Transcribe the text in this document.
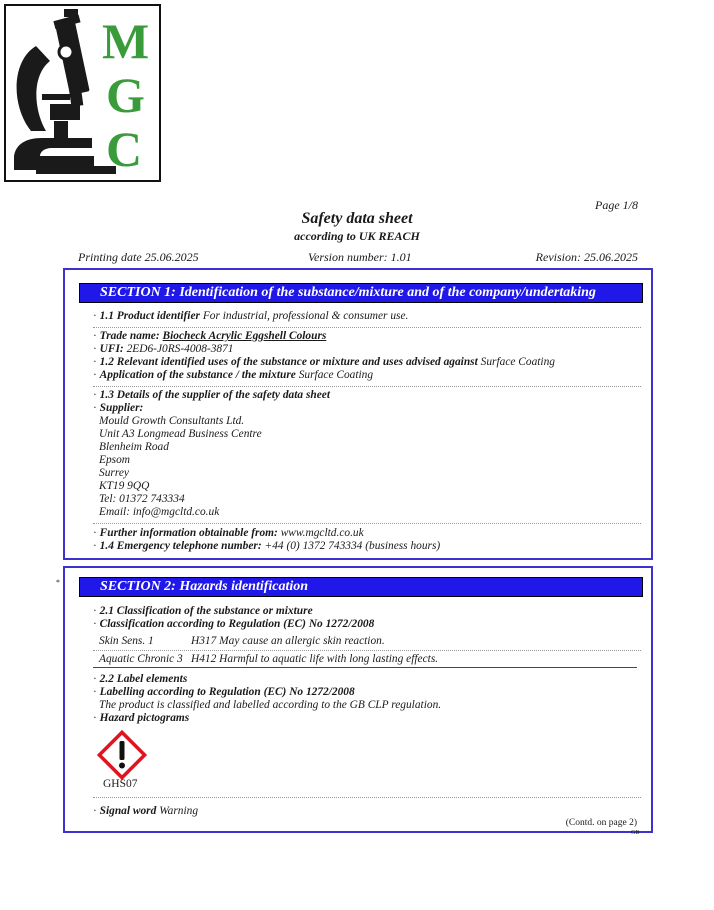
M
G
C
Page 1/8
Safety data sheet
according to UK REACH
Printing date 25.06.2025	Version number: 1.01	Revision: 25.06.2025
SECTION 1: Identification of the substance/mixture and of the company/undertaking
· 1.1 Product identifier For industrial, professional & consumer use.
· Trade name: Biocheck Acrylic Eggshell Colours
· UFI: 2ED6-J0RS-4008-3871
· 1.2 Relevant identified uses of the substance or mixture and uses advised against Surface Coating
· Application of the substance / the mixture Surface Coating
· 1.3 Details of the supplier of the safety data sheet
· Supplier:
Mould Growth Consultants Ltd.
Unit A3 Longmead Business Centre
Blenheim Road
Epsom
Surrey
KT19 9QQ
Tel: 01372 743334
Email: info@mgcltd.co.uk
· Further information obtainable from: www.mgcltd.co.uk
· 1.4 Emergency telephone number: +44 (0) 1372 743334 (business hours)
*	SECTION 2: Hazards identification
· 2.1 Classification of the substance or mixture
· Classification according to Regulation (EC) No 1272/2008
Skin Sens. 1	H317 May cause an allergic skin reaction.
Aquatic Chronic 3 H412 Harmful to aquatic life with long lasting effects.
· 2.2 Label elements
· Labelling according to Regulation (EC) No 1272/2008
The product is classified and labelled according to the GB CLP regulation.
· Hazard pictograms
GHS07
· Signal word Warning
(Contd. on page 2)
GB
